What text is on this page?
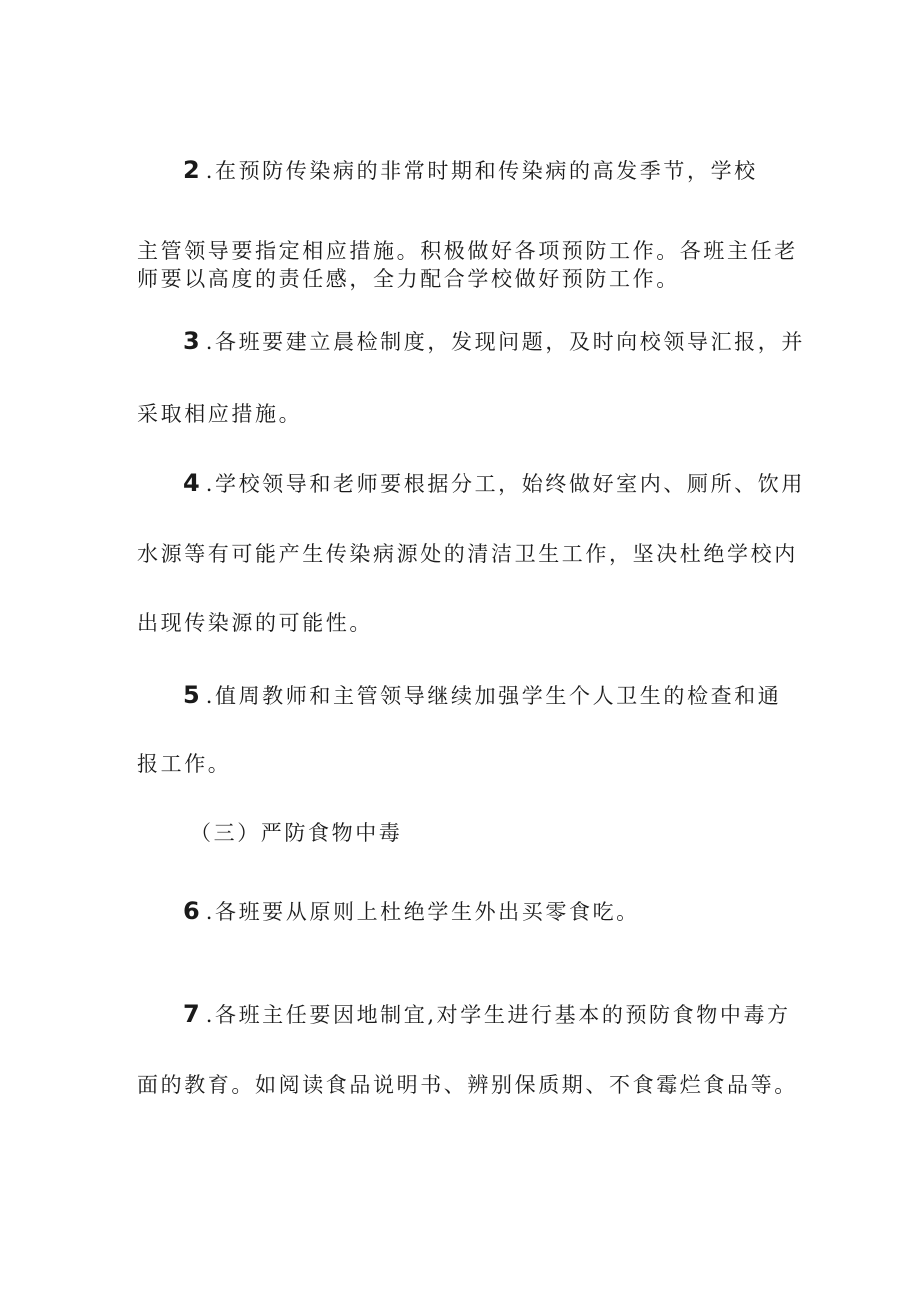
2 .在预防传染病的非常时期和传染病的高发季节，学校

主管领导要指定相应措施。积极做好各项预防工作。各班主任老

师要以高度的责任感，全力配合学校做好预防工作。

3 .各班要建立晨检制度，发现问题，及时向校领导汇报，并

采取相应措施。

4 .学校领导和老师要根据分工，始终做好室内、厕所、饮用

水源等有可能产生传染病源处的清洁卫生工作，坚决杜绝学校内

出现传染源的可能性。

5 .值周教师和主管领导继续加强学生个人卫生的检查和通

报工作。

（三）严防食物中毒

6 .各班要从原则上杜绝学生外出买零食吃。

7 .各班主任要因地制宜,对学生进行基本的预防食物中毒方

面的教育。如阅读食品说明书、辨别保质期、不食霉烂食品等。
